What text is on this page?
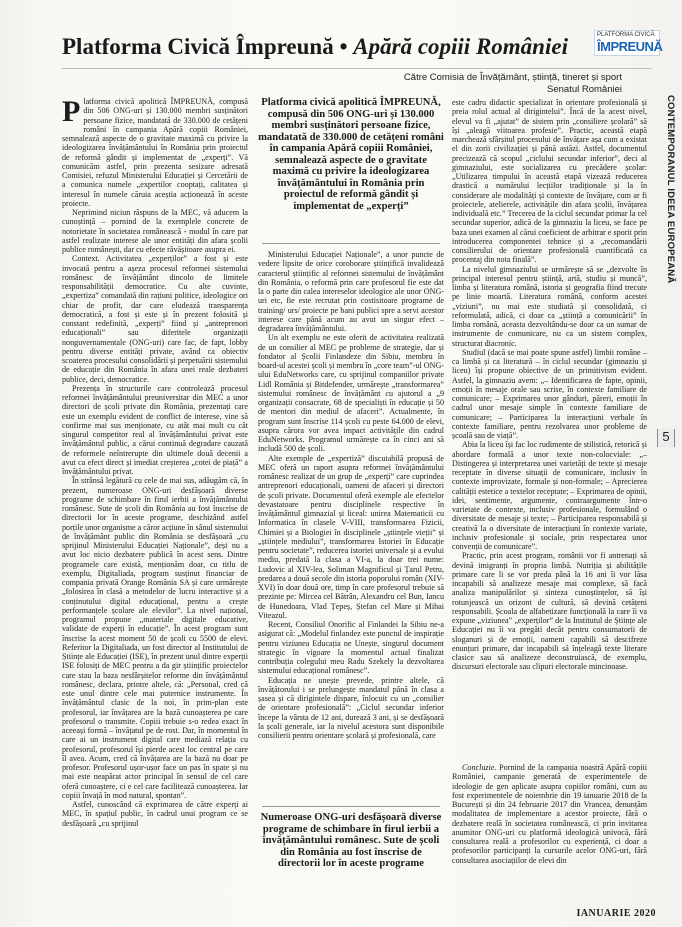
Platforma Civică Împreună • Apără copiii României	PLATFORMA CIVICĂ
ÎMPREUNĂ
Către Comisia de Învățământ, știință, tineret și sport
Senatul României
CONTEMPORANUL IDEEA EUROPEANĂ
5

Platforma civică apolitică ÎMPREUNĂ, compusă din 506 ONG-uri și 130.000 membri susținători persoane fizice, mandatată de 330.000 de cetățeni români în campania Apără copiii României, semnalează aspecte de o gravitate maximă cu privire la ideologizarea învățământului în România prin proiectul de reformă gândit și implementat de „experți”. Vă comunicăm astfel, prin prezenta sesizare adresată Comisiei, refuzul Ministerului Educației și Cercetării de a comunica numele „expertilor cooptați, calitatea și interesul în numele căruia aceștia acționează în aceste proiecte.

Neprimind niciun răspuns de la MEC, vă aducem la cunoștință – pornind de la exemplele concrete de notorietate în societatea românească - modul în care par astfel realizate interese ale unor entități din afara școlii publice românești, dar cu efecte răvășitoare asupra ei.

Context. Activitatea „experților” a fost și este invocată pentru a așeza procesul reformei sistemului românesc de învățământ dincolo de limitele responsabilității democratice. Cu alte cuvinte, „expertiza” comandată din rațiuni politice, ideologice ori chiar de profit, dar care eludează transparența democratică, a fost și este și în prezent folosită și constant redefinită, „experți” fiind și „antreprenori educaționali” sau diferitele organizații nonguvernamentale (ONG-uri) care fac, de fapt, lobby pentru diverse entități private, având ca obiectiv scoaterea procesului consolidării și perpetuării sistemului de educație din România în afara unei reale dezbateri publice, deci, democratice.

Prezența în structurile care controlează procesul reformei învățământului preuniversitar din MEC a unor directori de școli private din România, prezentați care este un exemplu evident de conflict de interese, vine să confirme mai sus menționate, cu atât mai mult cu cât singurul competitor real al învățământului privat este învățământul public, a cărui continuă degradare cauzată de reformele neîntrerupte din ultimele două decenii a avut ca efect direct și imediat creșterea „cotei de piață” a învățământului privat.

În strânsă legătură cu cele de mai sus, adăugăm că, în prezent, numeroase ONG-uri desfășoară diverse programe de schimbare în firul ierbii a învățământului românesc. Sute de școli din România au fost înscrise de directorii lor în aceste programe, deschizând astfel porțile unor organisme a căror acțiune în sânul sistemului de învățământ public din România se desfășoară „cu sprijinul Ministerului Educației Naționale”, deși nu a avut loc nicio dezbatere publică în acest sens. Dintre programele care există, menționăm doar, cu titlu de exemplu, Digitaliada, program susținut financiar de compania privată Orange România SA și care urmărește „folosirea în clasă a metodelor de lucru interactive și a conținutului digital educațional, pentru a crește performanțele școlare ale elevilor”. La nivel național, programul propune „materiale digitale educative, validate de experți în educație”. În acest program sunt înscrise la acest moment 50 de școli cu 5500 de elevi. Referitor la Digitaliada, un fost director al Institutului de Științe ale Educației (ISE), în prezent unul dintre experții ISE folosiți de MEC pentru a da gir științific proiectelor care stau la baza nesfârșitelor reforme din învățământul românesc, declara, printre altele, că: „Personal, cred că este unul dintre cele mai puternice instrumente. În învățământul clasic de la noi, în prim-plan este profesorul, iar învățarea are la bază cunoașterea pe care profesorul o transmite. Copiii trebuie s-o redea exact în aceeași formă – învățatul pe de rost. Dar, în momentul în care ai un instrument digital care mediază relația cu profesorul, profesorul își pierde acest loc central pe care îl avea. Acum, cred că învățarea are la bază nu doar pe profesor. Profesorul ușor-ușor face un pas în spate și nu mai este neapărat actor principal în sensul de cel care oferă cunoaștere, ci e cel care facilitează cunoașterea. Iar copiii învață în mod natural, spontan”.

Astfel, cunoscând că exprimarea de către experți ai MEC, în spațiul public, în cadrul unui program ce se desfășoară „cu sprijinul

Platforma civică apolitică ÎMPREUNĂ, compusă din 506 ONG-uri și 130.000 membri susținători persoane fizice, mandatată de 330.000 de cetățeni români în campania Apără copiii României, semnalează aspecte de o gravitate maximă cu privire la ideologizarea învățământului în România prin proiectul de reformă gândit și implementat de „experți”

Ministerului Educației Naționale”, a unor puncte de vedere lipsite de orice coroborare științifică invalidează caracterul științific al reformei sistemului de învățământ din România, o reformă prin care profesorul fie este dat la o parte din calea intereselor ideologice ale unor ONG-uri etc, fie este recrutat prin costisitoare programe de training/ urs/ proiecte pe bani publici spre a servi acestor interese care până acum au avut un singur efect – degradarea învățământului.

Un alt exemplu ne este oferit de activitatea realizată de un consilier al MEC pe probleme de strategie, dar și fondator al Școlii Finlandeze din Sibiu, membru în board-ul acestei școli și membru în „core team”-ul ONG-ului EduNetworks care, cu sprijinul companiilor private Lidl România și Bitdefender, urmărește „transformarea” sistemului românesc de învățământ cu ajutorul a „9 organizații consacrate, 68 de specialiști în educație și 50 de mentori din mediul de afaceri”. Actualmente, în program sunt înscrise 114 școli cu peste 64.000 de elevi, asupra cărora vor avea impact activitățile din cadrul EduNetworks. Programul urmărește ca în cinci ani să includă 500 de școli.

Alte exemple de „expertiză” discutabilă propusă de MEC oferă un raport asupra reformei învățământului românesc realizat de un grup de „experți” care cuprindea antreprenori educaționali, oameni de afaceri și directori de școli private. Documentul oferă exemple ale efectelor devastatoare pentru disciplinele respective în învățământul gimnazial și liceal: unirea Matematicii cu Informatica în clasele V-VIII, transformarea Fizicii, Chimiei și a Biologiei în disciplinele „științele vieții” și „științele mediului”, transformarea Istoriei în Educație pentru societate”, reducerea istoriei universale și a evului mediu, predată la clasa a VI-a, la doar trei nume: Ludovic al XIV-lea, Soliman Magnificul și Țarul Petru, predarea a două secole din istoria poporului român (XIV-XVI) în doar două ore, timp în care profesorul trebuie să prezinte pe: Mircea cel Bătrân, Alexandru cel Bun, Iancu de Hunedoara, Vlad Țepeș, Ștefan cel Mare și Mihai Viteazul.

Recent, Consiliul Onorific al Finlandei la Sibiu ne-a asigurat că: „Modelul finlandez este punctul de inspirație pentru viziunea Educația ne Unește, singurul document strategic în vigoare la momentul actual finalizat contribuția colegului meu Radu Szekely la dezvoltarea sistemului educațional românesc”.

Educația ne unește prevede, printre altele, că învățătorului i se prelungește mandatul până în clasa a șasea și că dirigintele dispare, înlocuit cu un „consilier de orientare profesională”: „Ciclul secundar inferior începe la vârsta de 12 ani, durează 3 ani, și se desfășoară la școli generale, iar la nivelul acestora sunt disponibile consilierii pentru orientare școlară și profesională, care

Numeroase ONG-uri desfășoară diverse programe de schimbare în firul ierbii a învățământului românesc. Sute de școli din România au fost înscrise de directorii lor în aceste programe

este cadru didactic specializat în orientare profesională și preia rolul actual al dirigintelui”. Încă de la acest nivel, elevul va fi „ajutat” de sistem prin „consiliere școlară” să își „aleagă viitoarea profesie”. Practic, această etapă marchează sfârșitul procesului de învățare așa cum a existat el din zorii civilizației și până astăzi. Astfel, documentul precizează că scopul „ciclului secundar inferior”, deci al gimnaziului, este socializarea cu precădere școlar: „Utilizarea timpului în această etapă vizează reducerea drastică a numărului lecțiilor tradiționale și la în considerare ale modalități și contexte de învățare, cum ar fi proiectele, atelierele, activitățile din afara școlii, învățarea individuală etc.” Trecerea de la ciclul secundar primar la cel secundar superior, adică de la gimnaziu la liceu, se face pe baza unei examen al cărui coeficient de arbitrar e sporit prin introducerea componentei tehnice și a „recomandării consilierului de orientare profesională cuantificată ca procentaj din nota finală”.

La nivelul gimnaziului se urmărește să se „dezvolte în principal interesul pentru știință, artă, studiu și muncă”, limba și literatura română, istoria și geografia fiind trecute pe linie moartă. Literatura română, conform acestei „viziuni”, nu mai este studiată și consolidată, ci reformulată, adică, ci doar ca „știință a comunicării” în limba română, aceasta dezvoltându-se doar ca un sumar de instrumente de comunicare, nu ca un sistem complex, structurat diacronic.

Studiul (dacă se mai poate spune astfel) limbii române – ca limbă și ca literatură – în ciclul secundar (gimnaziu și liceu) își propune obiective de un primitivism evident. Astfel, la gimnaziu avem: „– Identificarea de fapte, opinii, emoții în mesaje orale sau scrise, în contexte familiare de comunicare; – Exprimarea unor gânduri, păreri, emoții în cadrul unor mesaje simple în contexte familiare de comunicare; – Participarea la interacțiuni verbale în contexte familiare, pentru rezolvarea unor probleme de școală sau de viață”.

Abia la liceu își fac loc rudimente de stilistică, retorică și abordare formală a unor texte non-colocviale: „– Distingerea și interpretarea unei varietăți de texte și mesaje receptate în diverse situații de comunicare, inclusiv în contexte improvizate, formale și non-formale; – Aprecierea calității estetice a textelor receptate; – Exprimarea de opinii, idei, sentimente, argumente, contraargumente într-o varietate de contexte, inclusiv profesionale, formulând o diversitate de mesaje și texte; – Participarea responsabilă și creativă la o diversitate de interacțiuni în contexte variate, inclusiv profesionale și sociale, prin respectarea unor convenții de comunicare”.

Practic, prin acest program, românii vor fi antrenați să devină imigranți în propria limbă. Nutriția și abilitățile primare care li se vor preda până la 16 ani îi vor lăsa incapabili să analizeze mesaje mai complexe, să facă analiza manipulărilor și sinteza cunoștințelor, să își rotunjească un orizont de cultură, să devină cetățeni responsabili. Școala de alfabetizare funcțională la care îi va expune „viziunea” „experților” de la Institutul de Științe ale Educației nu îi va pregăti decât pentru consumatorii de sloganuri și de emoții, oameni capabili să descifreze enunțuri primare, dar incapabili să înțeleagă texte literare clasice sau să analizeze deconstruiască, de exemplu, discursuri electorale sau clipuri electorale mincinoase.

Concluzie. Pornind de la campania noastră Apără copiii României, campanie generată de experimentele de ideologie de gen aplicate asupra copiilor români, cum au fost experimentele de noiembrie din 19 ianuarie 2018 de la București și din 24 februarie 2017 din Vrancea, denunțăm modalitatea de implementare a acestor proiecte, fără o dezbatere reală în societatea românească, ci prin invitarea anumitor ONG-uri cu platformă ideologică univocă, fără consultarea reală a profesorilor cu experiență, ci doar a profesorilor participanți la cursurile acelor ONG-uri, fără consultarea asociațiilor de elevi din

IANUARIE 2020
